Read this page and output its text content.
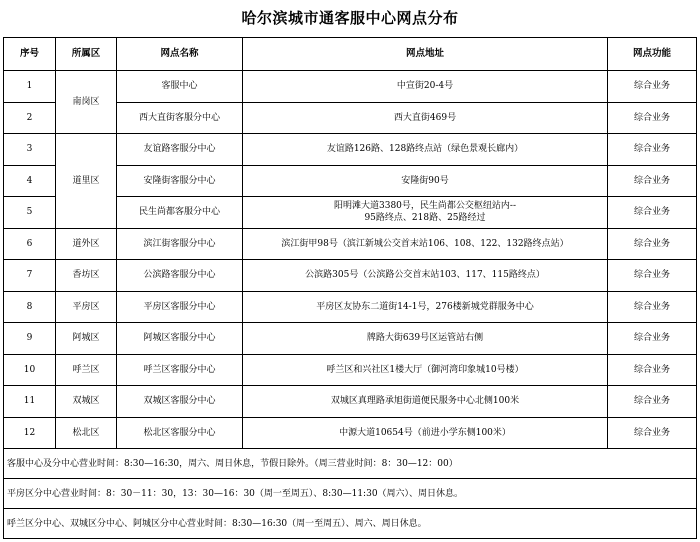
哈尔滨城市通客服中心网点分布
序号	所属区	网点名称	网点地址	网点功能
1	南岗区	客服中心	中宣街20-4号	综合业务
2		西大直街客服分中心	西大直街469号	综合业务
3	道里区	友谊路客服分中心	友谊路126路、128路终点站（绿色景观长廊内）	综合业务
4		安隆街客服分中心	安隆街90号	综合业务
5		民生尚都客服分中心	阳明滩大道3380号，民生尚都公交枢纽站内--
95路终点、218路、25路经过	综合业务
6	道外区	滨江街客服分中心	滨江街甲98号（滨江新城公交首末站106、108、122、132路终点站）	综合业务
7	香坊区	公滨路客服分中心	公滨路305号（公滨路公交首末站103、117、115路终点）	综合业务
8	平房区	平房区客服分中心	平房区友协东二道街14-1号，276楼新城党群服务中心	综合业务
9	阿城区	阿城区客服分中心	牌路大街639号区运管站右侧	综合业务
10	呼兰区	呼兰区客服分中心	呼兰区和兴社区1楼大厅（御河湾印象城10号楼）	综合业务
11	双城区	双城区客服分中心	双城区真理路承旭街道便民服务中心北侧100米	综合业务
12	松北区	松北区客服分中心	中源大道10654号（前进小学东侧100米）	综合业务
客服中心及分中心营业时间：8:30—16:30，周六、周日休息，节假日除外。（周三营业时间：8：30—12：00）				
平房区分中心营业时间：8：30－11：30，13：30—16：30（周一至周五）、8:30—11:30（周六）、周日休息。				
呼兰区分中心、双城区分中心、阿城区分中心营业时间：8:30—16:30（周一至周五）、周六、周日休息。				
